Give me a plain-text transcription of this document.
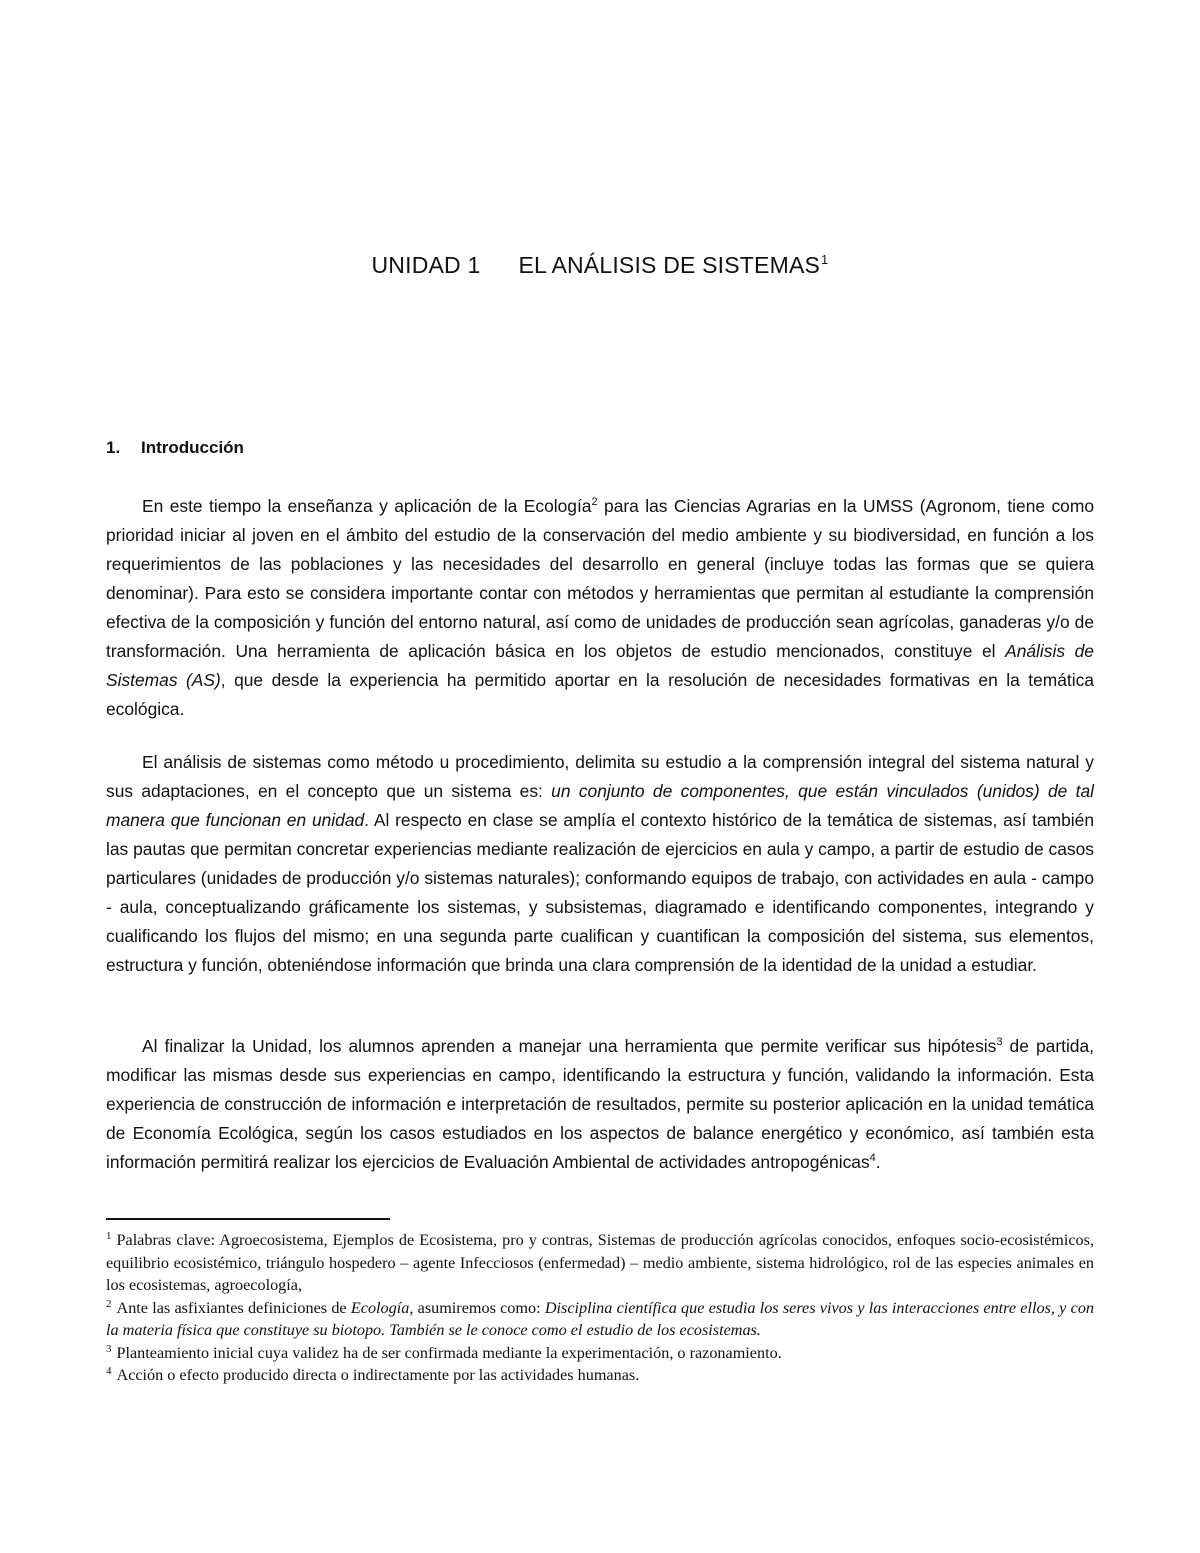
UNIDAD 1 EL ANÁLISIS DE SISTEMAS$^1$
1. Introducción

En este tiempo la enseñanza y aplicación de la Ecología$^2$ para las Ciencias Agrarias en la UMSS (Agronom, tiene como prioridad iniciar al joven en el ámbito del estudio de la conservación del medio ambiente y su biodiversidad, en función a los requerimientos de las poblaciones y las necesidades del desarrollo en general (incluye todas las formas que se quiera denominar). Para esto se considera importante contar con métodos y herramientas que permitan al estudiante la comprensión efectiva de la composición y función del entorno natural, así como de unidades de producción sean agrícolas, ganaderas y/o de transformación. Una herramienta de aplicación básica en los objetos de estudio mencionados, constituye el Análisis de Sistemas (AS), que desde la experiencia ha permitido aportar en la resolución de necesidades formativas en la temática ecológica.

El análisis de sistemas como método u procedimiento, delimita su estudio a la comprensión integral del sistema natural y sus adaptaciones, en el concepto que un sistema es: un conjunto de componentes, que están vinculados (unidos) de tal manera que funcionan en unidad. Al respecto en clase se amplía el contexto histórico de la temática de sistemas, así también las pautas que permitan concretar experiencias mediante realización de ejercicios en aula y campo, a partir de estudio de casos particulares (unidades de producción y/o sistemas naturales); conformando equipos de trabajo, con actividades en aula - campo - aula, conceptualizando gráficamente los sistemas, y subsistemas, diagramado e identificando componentes, integrando y cualificando los flujos del mismo; en una segunda parte cualifican y cuantifican la composición del sistema, sus elementos, estructura y función, obteniéndose información que brinda una clara comprensión de la identidad de la unidad a estudiar.

Al finalizar la Unidad, los alumnos aprenden a manejar una herramienta que permite verificar sus hipótesis$^3$ de partida, modificar las mismas desde sus experiencias en campo, identificando la estructura y función, validando la información. Esta experiencia de construcción de información e interpretación de resultados, permite su posterior aplicación en la unidad temática de Economía Ecológica, según los casos estudiados en los aspectos de balance energético y económico, así también esta información permitirá realizar los ejercicios de Evaluación Ambiental de actividades antropogénicas$^4$.

$^1$ Palabras clave: Agroecosistema, Ejemplos de Ecosistema, pro y contras, Sistemas de producción agrícolas conocidos, enfoques socio-ecosistémicos, equilibrio ecosistémico, triángulo hospedero – agente Infecciosos (enfermedad) – medio ambiente, sistema hidrológico, rol de las especies animales en los ecosistemas, agroecología,

$^2$ Ante las asfixiantes definiciones de Ecología, asumiremos como: Disciplina científica que estudia los seres vivos y las interacciones entre ellos, y con la materia física que constituye su biotopo. También se le conoce como el estudio de los ecosistemas.

$^3$ Planteamiento inicial cuya validez ha de ser confirmada mediante la experimentación, o razonamiento.

$^4$ Acción o efecto producido directa o indirectamente por las actividades humanas.
